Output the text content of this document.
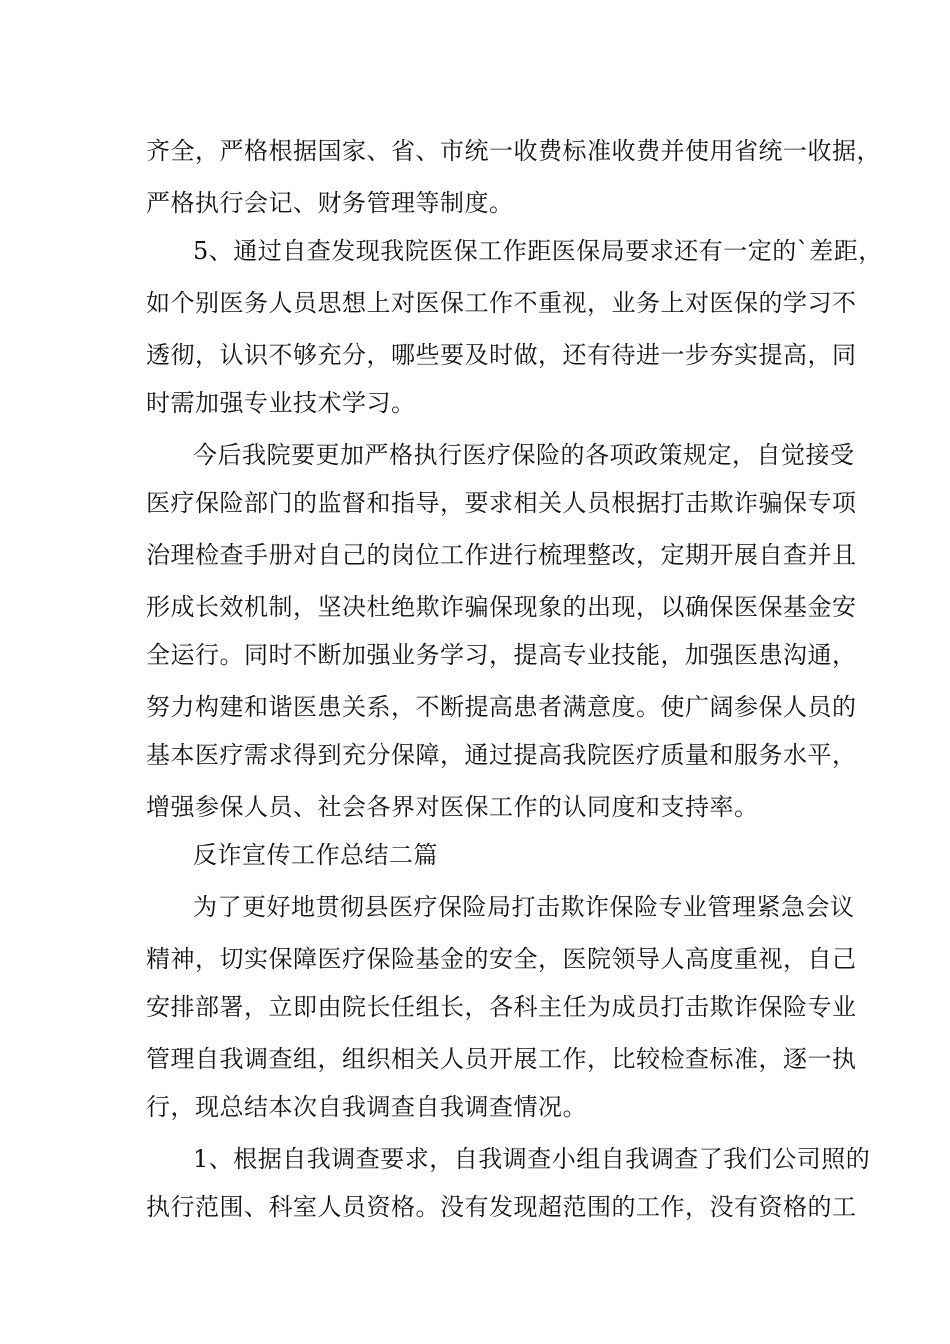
齐全，严格根据国家、省、市统一收费标准收费并使用省统一收据，
严格执行会记、财务管理等制度。
5、通过自查发现我院医保工作距医保局要求还有一定的`差距，
如个别医务人员思想上对医保工作不重视，业务上对医保的学习不
透彻，认识不够充分，哪些要及时做，还有待进一步夯实提高，同
时需加强专业技术学习。
今后我院要更加严格执行医疗保险的各项政策规定，自觉接受
医疗保险部门的监督和指导，要求相关人员根据打击欺诈骗保专项
治理检查手册对自己的岗位工作进行梳理整改，定期开展自查并且
形成长效机制，坚决杜绝欺诈骗保现象的出现，以确保医保基金安
全运行。同时不断加强业务学习，提高专业技能，加强医患沟通，
努力构建和谐医患关系，不断提高患者满意度。使广阔参保人员的
基本医疗需求得到充分保障，通过提高我院医疗质量和服务水平，
增强参保人员、社会各界对医保工作的认同度和支持率。
反诈宣传工作总结二篇
为了更好地贯彻县医疗保险局打击欺诈保险专业管理紧急会议
精神，切实保障医疗保险基金的安全，医院领导人高度重视，自己
安排部署，立即由院长任组长，各科主任为成员打击欺诈保险专业
管理自我调查组，组织相关人员开展工作，比较检查标准，逐一执
行，现总结本次自我调查自我调查情况。
1、根据自我调查要求，自我调查小组自我调查了我们公司照的
执行范围、科室人员资格。没有发现超范围的工作，没有资格的工
